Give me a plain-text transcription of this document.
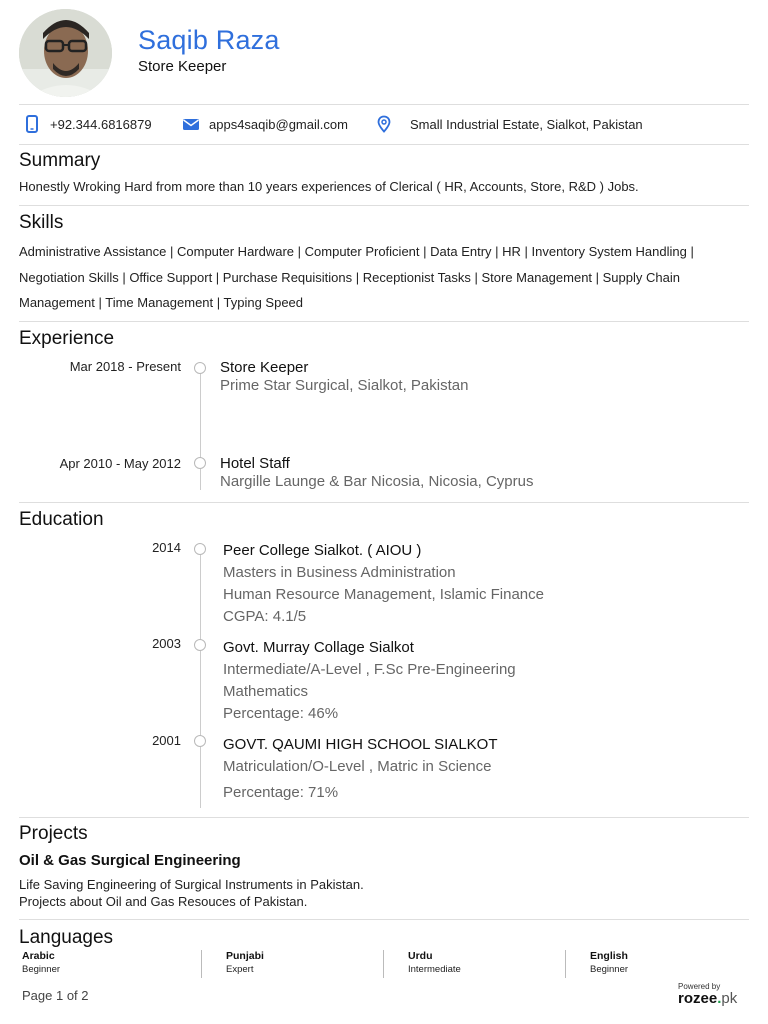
Saqib Raza
Store Keeper
+92.344.6816879	apps4saqib@gmail.com	Small Industrial Estate, Sialkot, Pakistan
Summary
Honestly Wroking Hard from more than 10 years experiences of Clerical ( HR, Accounts, Store, R&D ) Jobs.
Skills
Administrative Assistance | Computer Hardware | Computer Proficient | Data Entry | HR | Inventory System Handling | Negotiation Skills | Office Support | Purchase Requisitions | Receptionist Tasks | Store Management | Supply Chain Management | Time Management | Typing Speed
Experience
Mar 2018 - Present	Store Keeper
Prime Star Surgical, Sialkot, Pakistan
Apr 2010 - May 2012	Hotel Staff
Nargille Launge & Bar Nicosia, Nicosia, Cyprus
Education
2014	Peer College Sialkot. ( AIOU )
Masters in Business Administration
Human Resource Management, Islamic Finance
CGPA: 4.1/5
2003	Govt. Murray Collage Sialkot
Intermediate/A-Level , F.Sc Pre-Engineering
Mathematics
Percentage: 46%
2001	GOVT. QAUMI HIGH SCHOOL SIALKOT
Matriculation/O-Level , Matric in Science
Percentage: 71%
Projects
Oil & Gas Surgical Engineering
Life Saving Engineering of Surgical Instruments in Pakistan.
Projects about Oil and Gas Resouces of Pakistan.
Languages
Arabic
Beginner
Punjabi
Expert
Urdu
Intermediate
English
Beginner
Page 1 of 2
Powered by
rozee.pk
